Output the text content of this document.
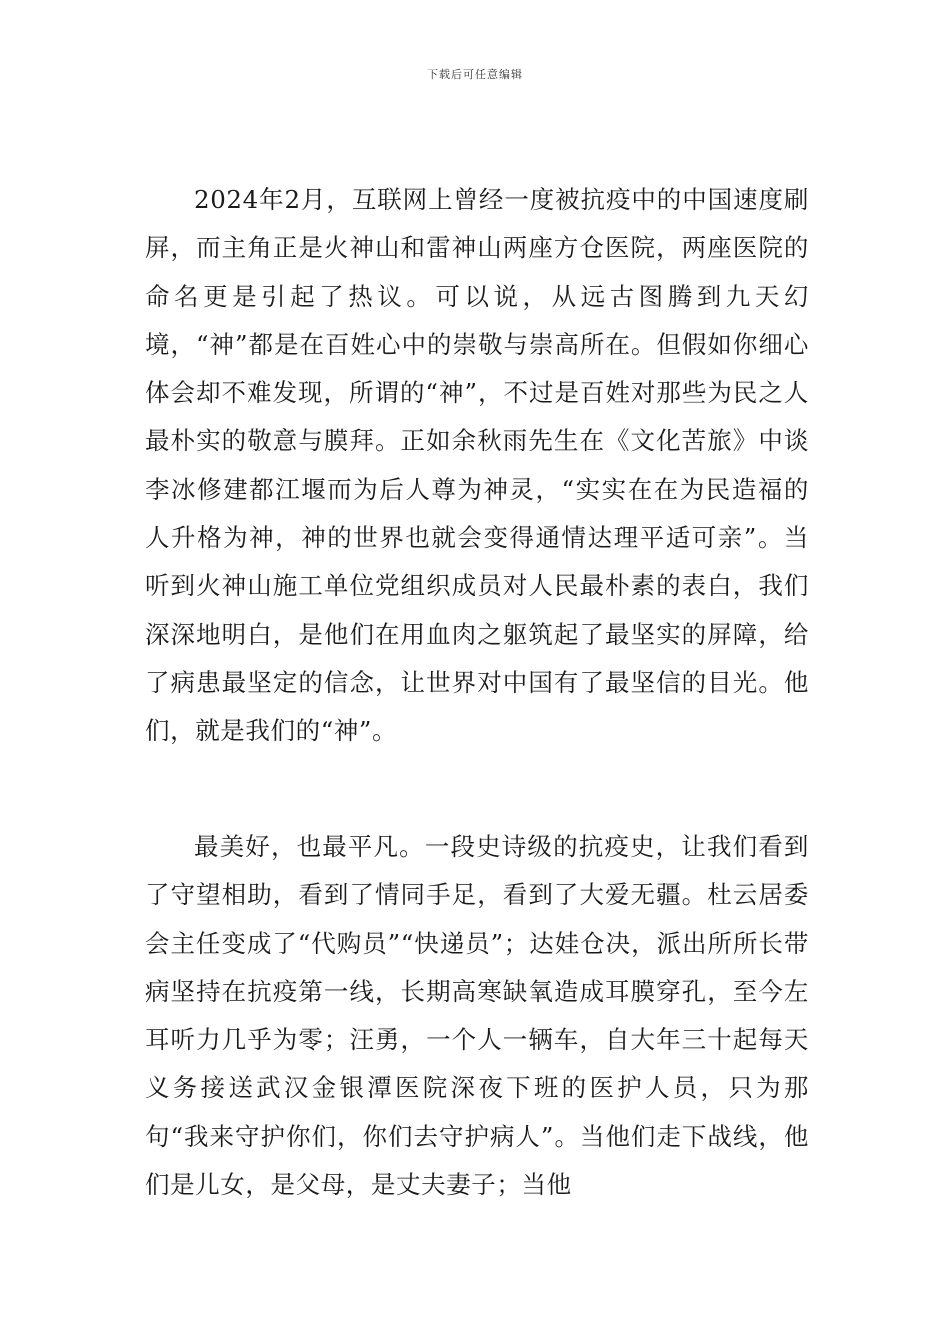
下载后可任意编辑

2024年2月，互联网上曾经一度被抗疫中的中国速度刷屏，而主角正是火神山和雷神山两座方仓医院，两座医院的命名更是引起了热议。可以说，从远古图腾到九天幻境，“神”都是在百姓心中的崇敬与崇高所在。但假如你细心体会却不难发现，所谓的“神”，不过是百姓对那些为民之人最朴实的敬意与膜拜。正如余秋雨先生在《文化苦旅》中谈李冰修建都江堰而为后人尊为神灵，“实实在在为民造福的人升格为神，神的世界也就会变得通情达理平适可亲”。当听到火神山施工单位党组织成员对人民最朴素的表白，我们深深地明白，是他们在用血肉之躯筑起了最坚实的屏障，给了病患最坚定的信念，让世界对中国有了最坚信的目光。他们，就是我们的“神”。

最美好，也最平凡。一段史诗级的抗疫史，让我们看到了守望相助，看到了情同手足，看到了大爱无疆。杜云居委会主任变成了“代购员”“快递员”；达娃仓决，派出所所长带病坚持在抗疫第一线，长期高寒缺氧造成耳膜穿孔，至今左耳听力几乎为零；汪勇，一个人一辆车，自大年三十起每天义务接送武汉金银潭医院深夜下班的医护人员，只为那句“我来守护你们，你们去守护病人”。当他们走下战线，他们是儿女，是父母，是丈夫妻子；当他
